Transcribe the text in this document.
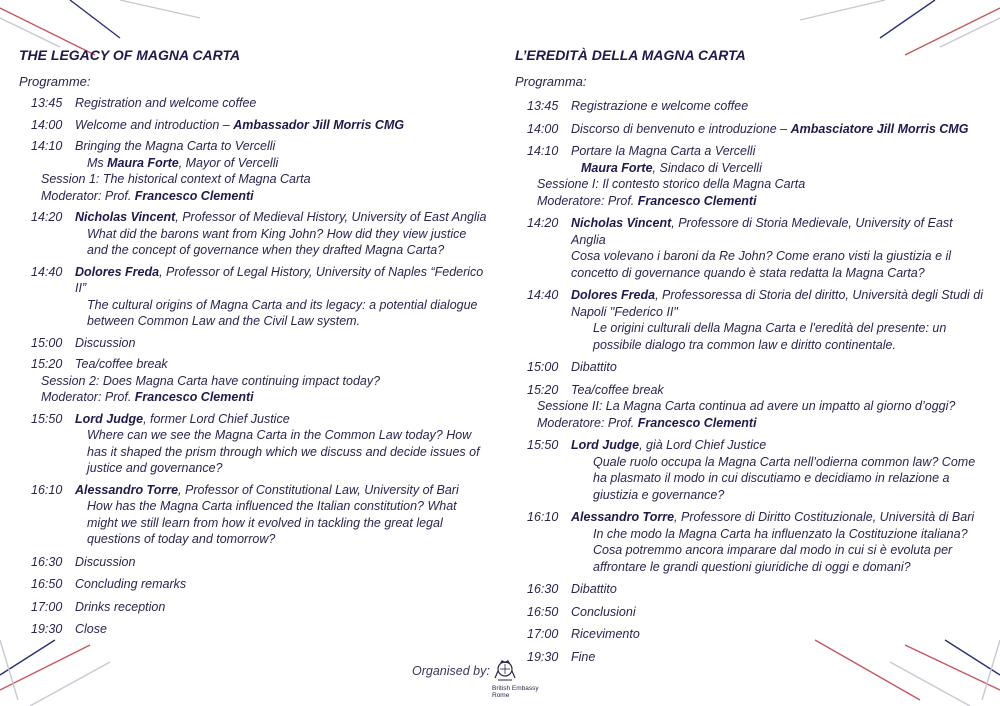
THE LEGACY OF MAGNA CARTA
Programme:
13:45	Registration and welcome coffee
14:00	Welcome and introduction – Ambassador Jill Morris CMG
14:10	Bringing the Magna Carta to Vercelli
Ms Maura Forte, Mayor of Vercelli
Session 1: The historical context of Magna Carta
Moderator: Prof. Francesco Clementi
14:20	Nicholas Vincent, Professor of Medieval History, University of East Anglia
What did the barons want from King John? How did they view justice and the concept of governance when they drafted Magna Carta?
14:40	Dolores Freda, Professor of Legal History, University of Naples “Federico II”
The cultural origins of Magna Carta and its legacy: a potential dialogue between Common Law and the Civil Law system.
15:00	Discussion
15:20	Tea/coffee break
Session 2: Does Magna Carta have continuing impact today?
Moderator: Prof. Francesco Clementi
15:50	Lord Judge, former Lord Chief Justice
Where can we see the Magna Carta in the Common Law today? How has it shaped the prism through which we discuss and decide issues of justice and governance?
16:10	Alessandro Torre, Professor of Constitutional Law, University of Bari
How has the Magna Carta influenced the Italian constitution? What might we still learn from how it evolved in tackling the great legal questions of today and tomorrow?
16:30	Discussion
16:50	Concluding remarks
17:00	Drinks reception
19:30	Close
L’EREDITÀ DELLA MAGNA CARTA
Programma:
13:45	Registrazione e welcome coffee
14:00	Discorso di benvenuto e introduzione – Ambasciatore Jill Morris CMG
14:10	Portare la Magna Carta a Vercelli
Maura Forte, Sindaco di Vercelli
Sessione I: Il contesto storico della Magna Carta
Moderatore: Prof. Francesco Clementi
14:20	Nicholas Vincent, Professore di Storia Medievale, University of East Anglia
Cosa volevano i baroni da Re John? Come erano visti la giustizia e il concetto di governance quando è stata redatta la Magna Carta?
14:40	Dolores Freda, Professoressa di Storia del diritto, Università degli Studi di Napoli "Federico II"
Le origini culturali della Magna Carta e l'eredità del presente: un possibile dialogo tra common law e diritto continentale.
15:00	Dibattito
15:20	Tea/coffee break
Sessione II: La Magna Carta continua ad avere un impatto al giorno d’oggi?
Moderatore: Prof. Francesco Clementi
15:50	Lord Judge, già Lord Chief Justice
Quale ruolo occupa la Magna Carta nell’odierna common law? Come ha plasmato il modo in cui discutiamo e decidiamo in relazione a giustizia e governance?
16:10	Alessandro Torre, Professore di Diritto Costituzionale, Università di Bari
In che modo la Magna Carta ha influenzato la Costituzione italiana? Cosa potremmo ancora imparare dal modo in cui si è evoluta per affrontare le grandi questioni giuridiche di oggi e domani?
16:30	Dibattito
16:50	Conclusioni
17:00	Ricevimento
19:30	Fine
Organised by:
British Embassy
Rome
